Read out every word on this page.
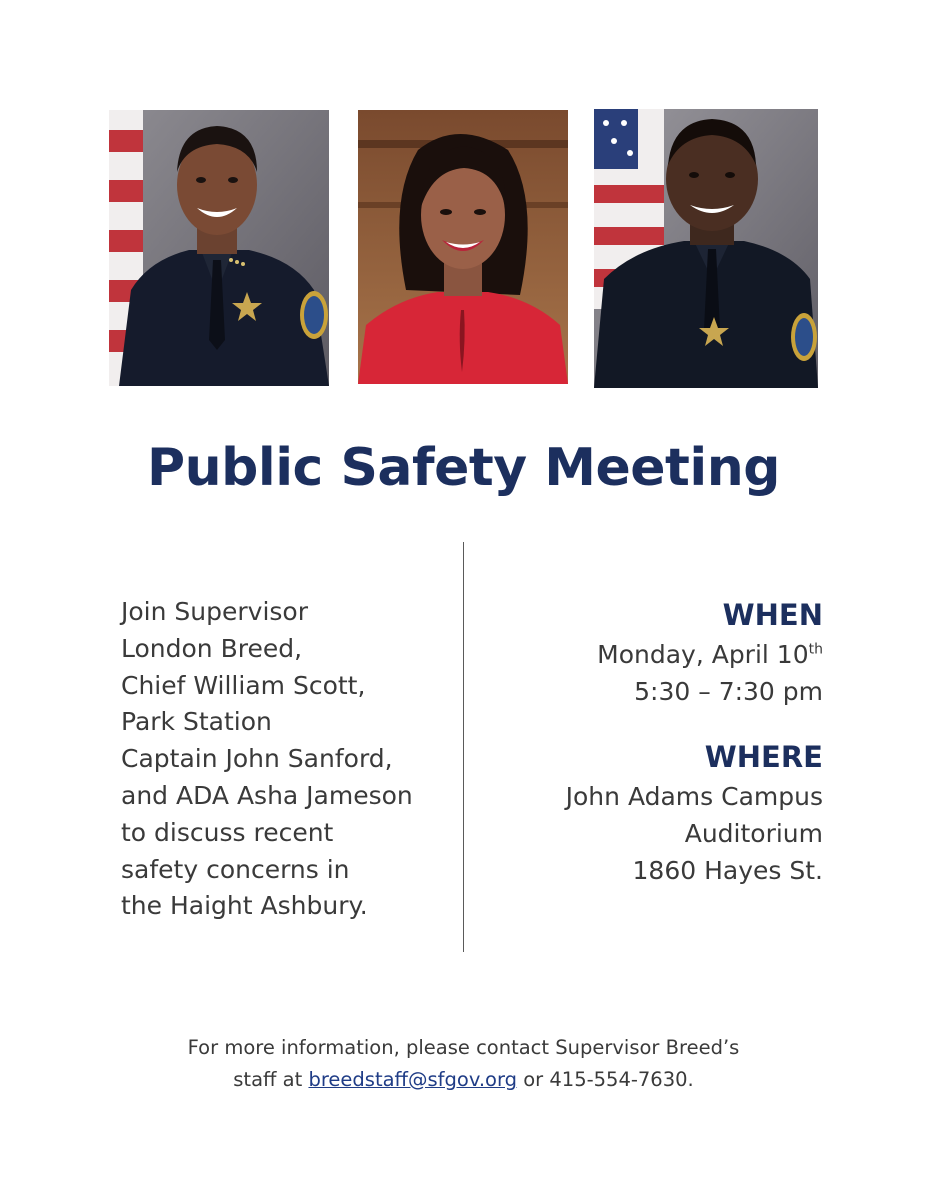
Public Safety Meeting
Join Supervisor
London Breed,
Chief William Scott,
Park Station
Captain John Sanford,
and ADA Asha Jameson
to discuss recent
safety concerns in
the Haight Ashbury.
WHEN
Monday, April 10th
5:30 – 7:30 pm
WHERE
John Adams Campus
Auditorium
1860 Hayes St.
For more information, please contact Supervisor Breed’s
staff at breedstaff@sfgov.org or 415-554-7630.
